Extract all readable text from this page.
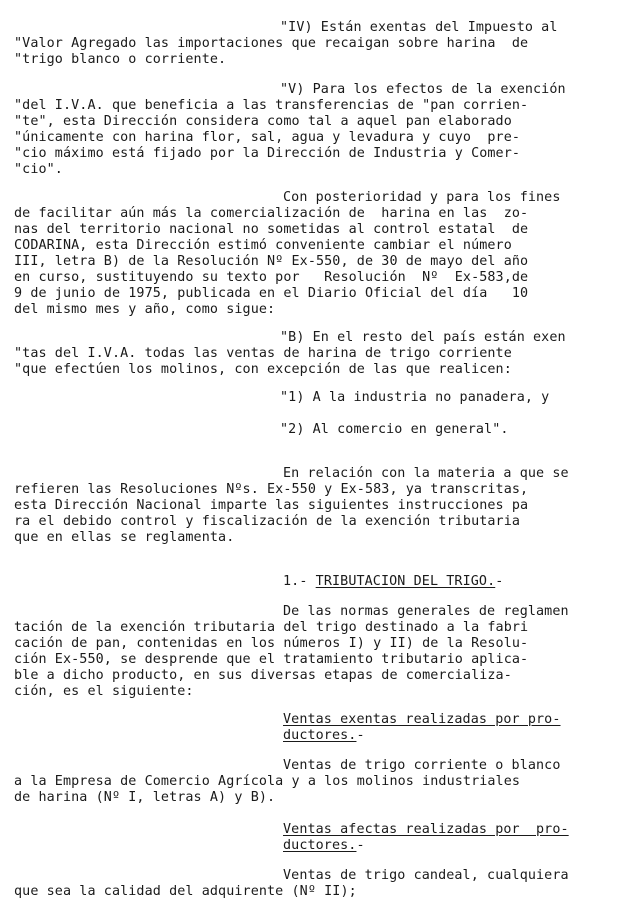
"IV) Están exentas del Impuesto al
"Valor Agregado las importaciones que recaigan sobre harina  de
"trigo blanco o corriente.
"V) Para los efectos de la exención
"del I.V.A. que beneficia a las transferencias de "pan corrien-
"te", esta Dirección considera como tal a aquel pan elaborado
"únicamente con harina flor, sal, agua y levadura y cuyo  pre-
"cio máximo está fijado por la Dirección de Industria y Comer-
"cio".
Con posterioridad y para los fines
de facilitar aún más la comercialización de  harina en las  zo-
nas del territorio nacional no sometidas al control estatal  de
CODARINA, esta Dirección estimó conveniente cambiar el número
III, letra B) de la Resolución Nº Ex-550, de 30 de mayo del año
en curso, sustituyendo su texto por   Resolución  Nº  Ex-583,de
9 de junio de 1975, publicada en el Diario Oficial del día   10
del mismo mes y año, como sigue:
"B) En el resto del país están exen
"tas del I.V.A. todas las ventas de harina de trigo corriente
"que efectúen los molinos, con excepción de las que realicen:
"1) A la industria no panadera, y
"2) Al comercio en general".
En relación con la materia a que se
refieren las Resoluciones Nºs. Ex-550 y Ex-583, ya transcritas,
esta Dirección Nacional imparte las siguientes instrucciones pa
ra el debido control y fiscalización de la exención tributaria
que en ellas se reglamenta.
1.- TRIBUTACION DEL TRIGO.-
De las normas generales de reglamen
tación de la exención tributaria del trigo destinado a la fabri
cación de pan, contenidas en los números I) y II) de la Resolu-
ción Ex-550, se desprende que el tratamiento tributario aplica-
ble a dicho producto, en sus diversas etapas de comercializa-
ción, es el siguiente:
Ventas exentas realizadas por pro-
ductores.-
Ventas de trigo corriente o blanco
a la Empresa de Comercio Agrícola y a los molinos industriales
de harina (Nº I, letras A) y B).
Ventas afectas realizadas por  pro-
ductores.-
Ventas de trigo candeal, cualquiera
que sea la calidad del adquirente (Nº II);
